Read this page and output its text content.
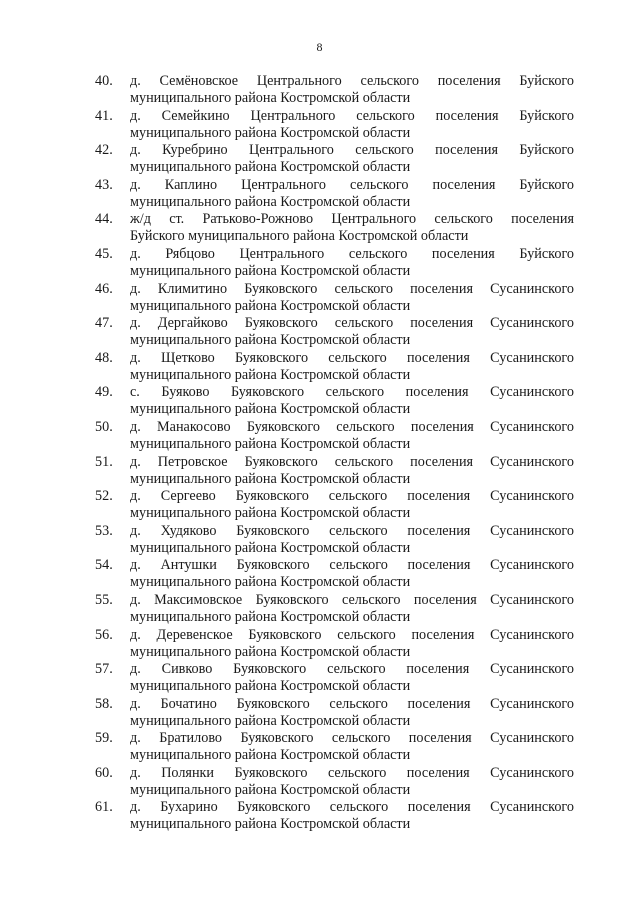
8
40.	д. Семёновское Центрального сельского поселения Буйского
муниципального района Костромской области
41.	д. Семейкино Центрального сельского поселения Буйского
муниципального района Костромской области
42.	д. Куребрино Центрального сельского поселения Буйского
муниципального района Костромской области
43.	д. Каплино Центрального сельского поселения Буйского
муниципального района Костромской области
44.	ж/д ст. Ратьково-Рожново Центрального сельского поселения
Буйского муниципального района Костромской области
45.	д. Рябцово Центрального сельского поселения Буйского
муниципального района Костромской области
46.	д. Климитино Буяковского сельского поселения Сусанинского
муниципального района Костромской области
47.	д. Дергайково Буяковского сельского поселения Сусанинского
муниципального района Костромской области
48.	д. Щетково Буяковского сельского поселения Сусанинского
муниципального района Костромской области
49.	с. Буяково Буяковского сельского поселения Сусанинского
муниципального района Костромской области
50.	д. Манакосово Буяковского сельского поселения Сусанинского
муниципального района Костромской области
51.	д. Петровское Буяковского сельского поселения Сусанинского
муниципального района Костромской области
52.	д. Сергеево Буяковского сельского поселения Сусанинского
муниципального района Костромской области
53.	д. Худяково Буяковского сельского поселения Сусанинского
муниципального района Костромской области
54.	д. Антушки Буяковского сельского поселения Сусанинского
муниципального района Костромской области
55.	д. Максимовское Буяковского сельского поселения Сусанинского
муниципального района Костромской области
56.	д. Деревенское Буяковского сельского поселения Сусанинского
муниципального района Костромской области
57.	д. Сивково Буяковского сельского поселения Сусанинского
муниципального района Костромской области
58.	д. Бочатино Буяковского сельского поселения Сусанинского
муниципального района Костромской области
59.	д. Братилово Буяковского сельского поселения Сусанинского
муниципального района Костромской области
60.	д. Полянки Буяковского сельского поселения Сусанинского
муниципального района Костромской области
61.	д. Бухарино Буяковского сельского поселения Сусанинского
муниципального района Костромской области
